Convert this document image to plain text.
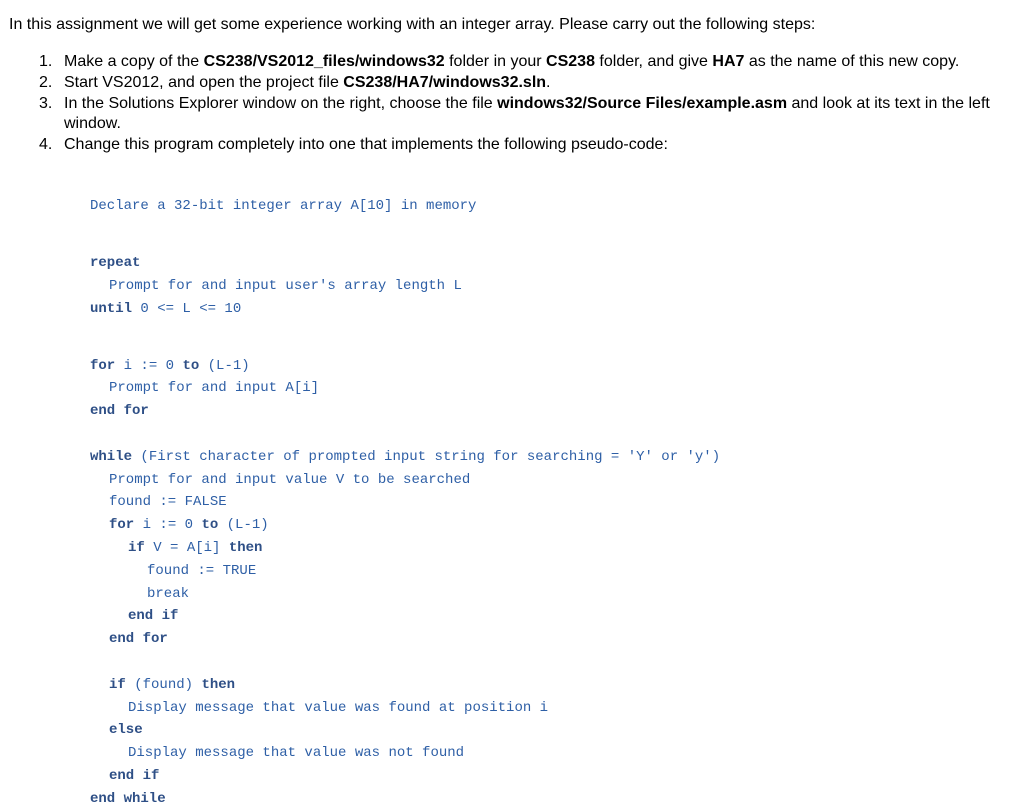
In this assignment we will get some experience working with an integer array. Please carry out the following steps:

1. Make a copy of the CS238/VS2012_files/windows32 folder in your CS238 folder, and give HA7 as the name of this new copy.
2. Start VS2012, and open the project file CS238/HA7/windows32.sln.
3. In the Solutions Explorer window on the right, choose the file windows32/Source Files/example.asm and look at its text in the left window.
4. Change this program completely into one that implements the following pseudo-code:
Declare a 32-bit integer array A[10] in memory
repeat
Prompt for and input user's array length L
until 0 <= L <= 10
for i := 0 to (L-1)
Prompt for and input A[i]
end for
while (First character of prompted input string for searching = 'Y' or 'y')
Prompt for and input value V to be searched
found := FALSE
for i := 0 to (L-1)
if V = A[i] then
found := TRUE
break
end if
end for
if (found) then
Display message that value was found at position i
else
Display message that value was not found
end if
end while
